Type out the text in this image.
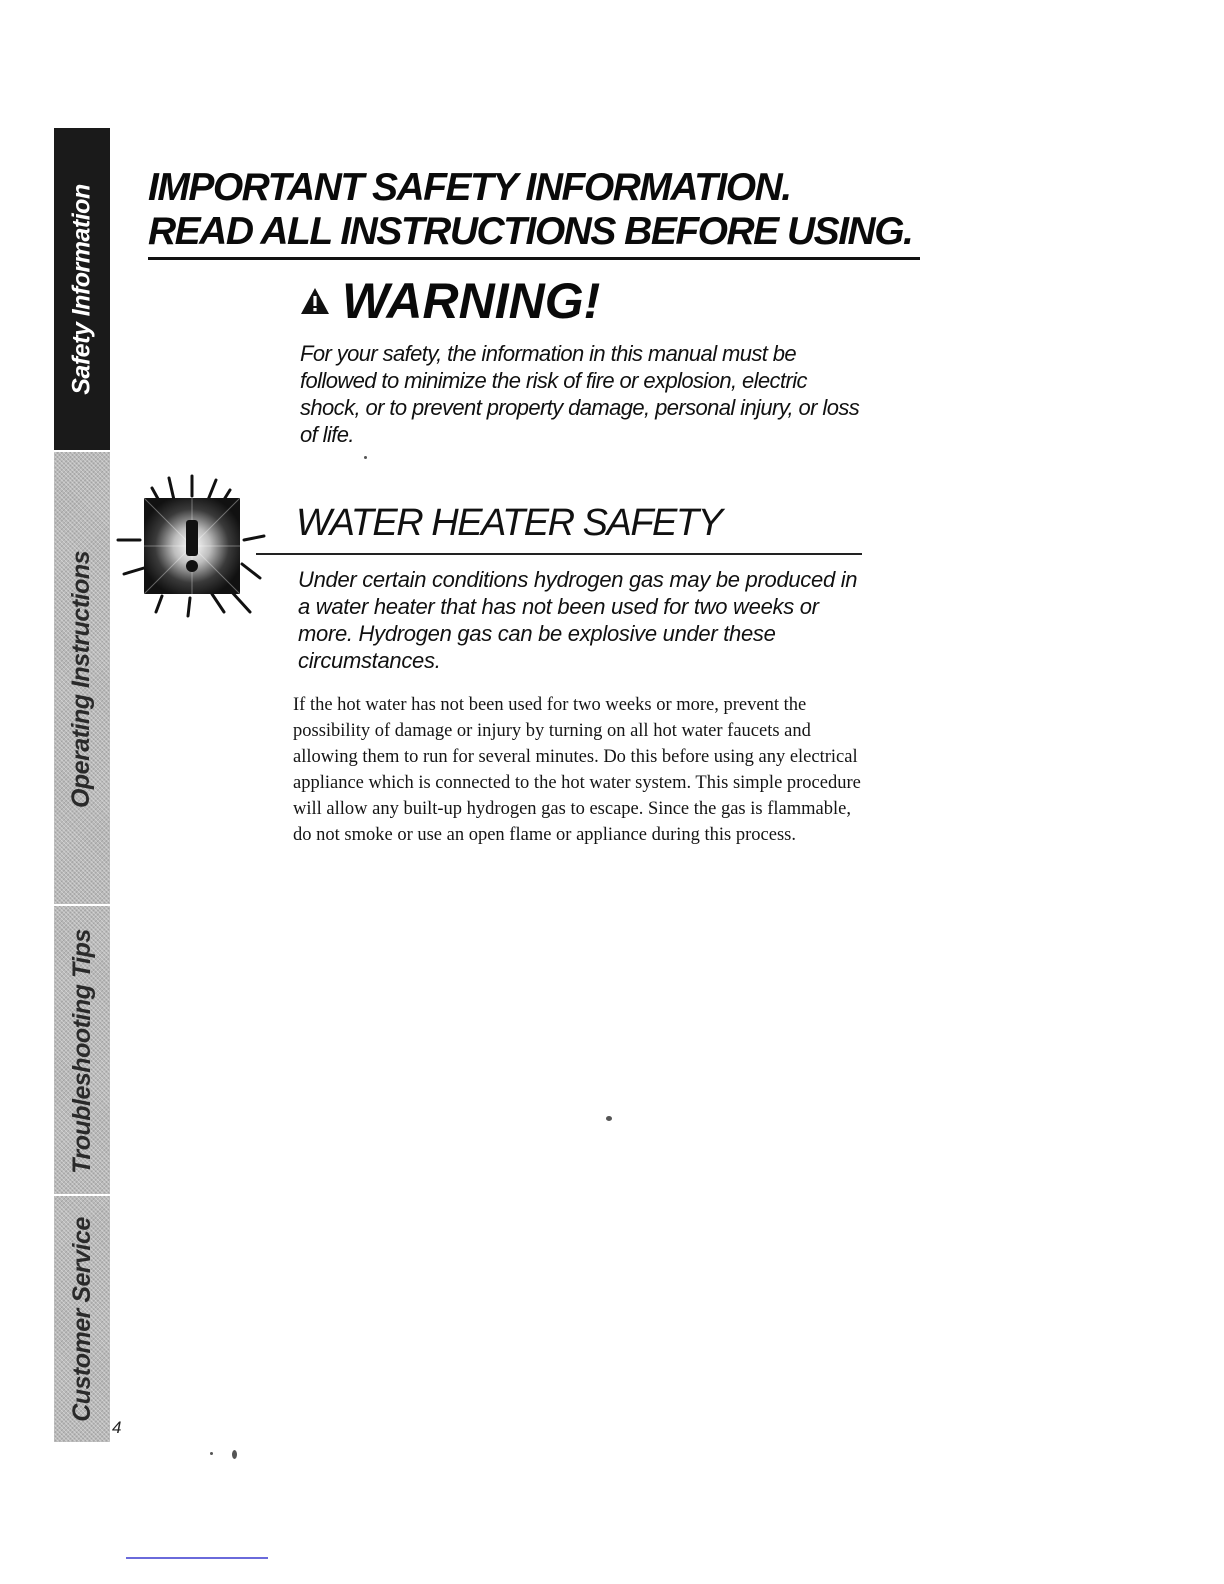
Safety Information
Operating Instructions
Troubleshooting Tips
Customer Service
4
IMPORTANT SAFETY INFORMATION.
READ ALL INSTRUCTIONS BEFORE USING.
WARNING!
For your safety, the information in this manual must be followed to minimize the risk of fire or explosion, electric shock, or to prevent property damage, personal injury, or loss of life.
WATER HEATER SAFETY
Under certain conditions hydrogen gas may be produced in a water heater that has not been used for two weeks or more. Hydrogen gas can be explosive under these circumstances.
If the hot water has not been used for two weeks or more, prevent the possibility of damage or injury by turning on all hot water faucets and allowing them to run for several minutes. Do this before using any electrical appliance which is connected to the hot water system. This simple procedure will allow any built-up hydrogen gas to escape. Since the gas is flammable, do not smoke or use an open flame or appliance during this process.
